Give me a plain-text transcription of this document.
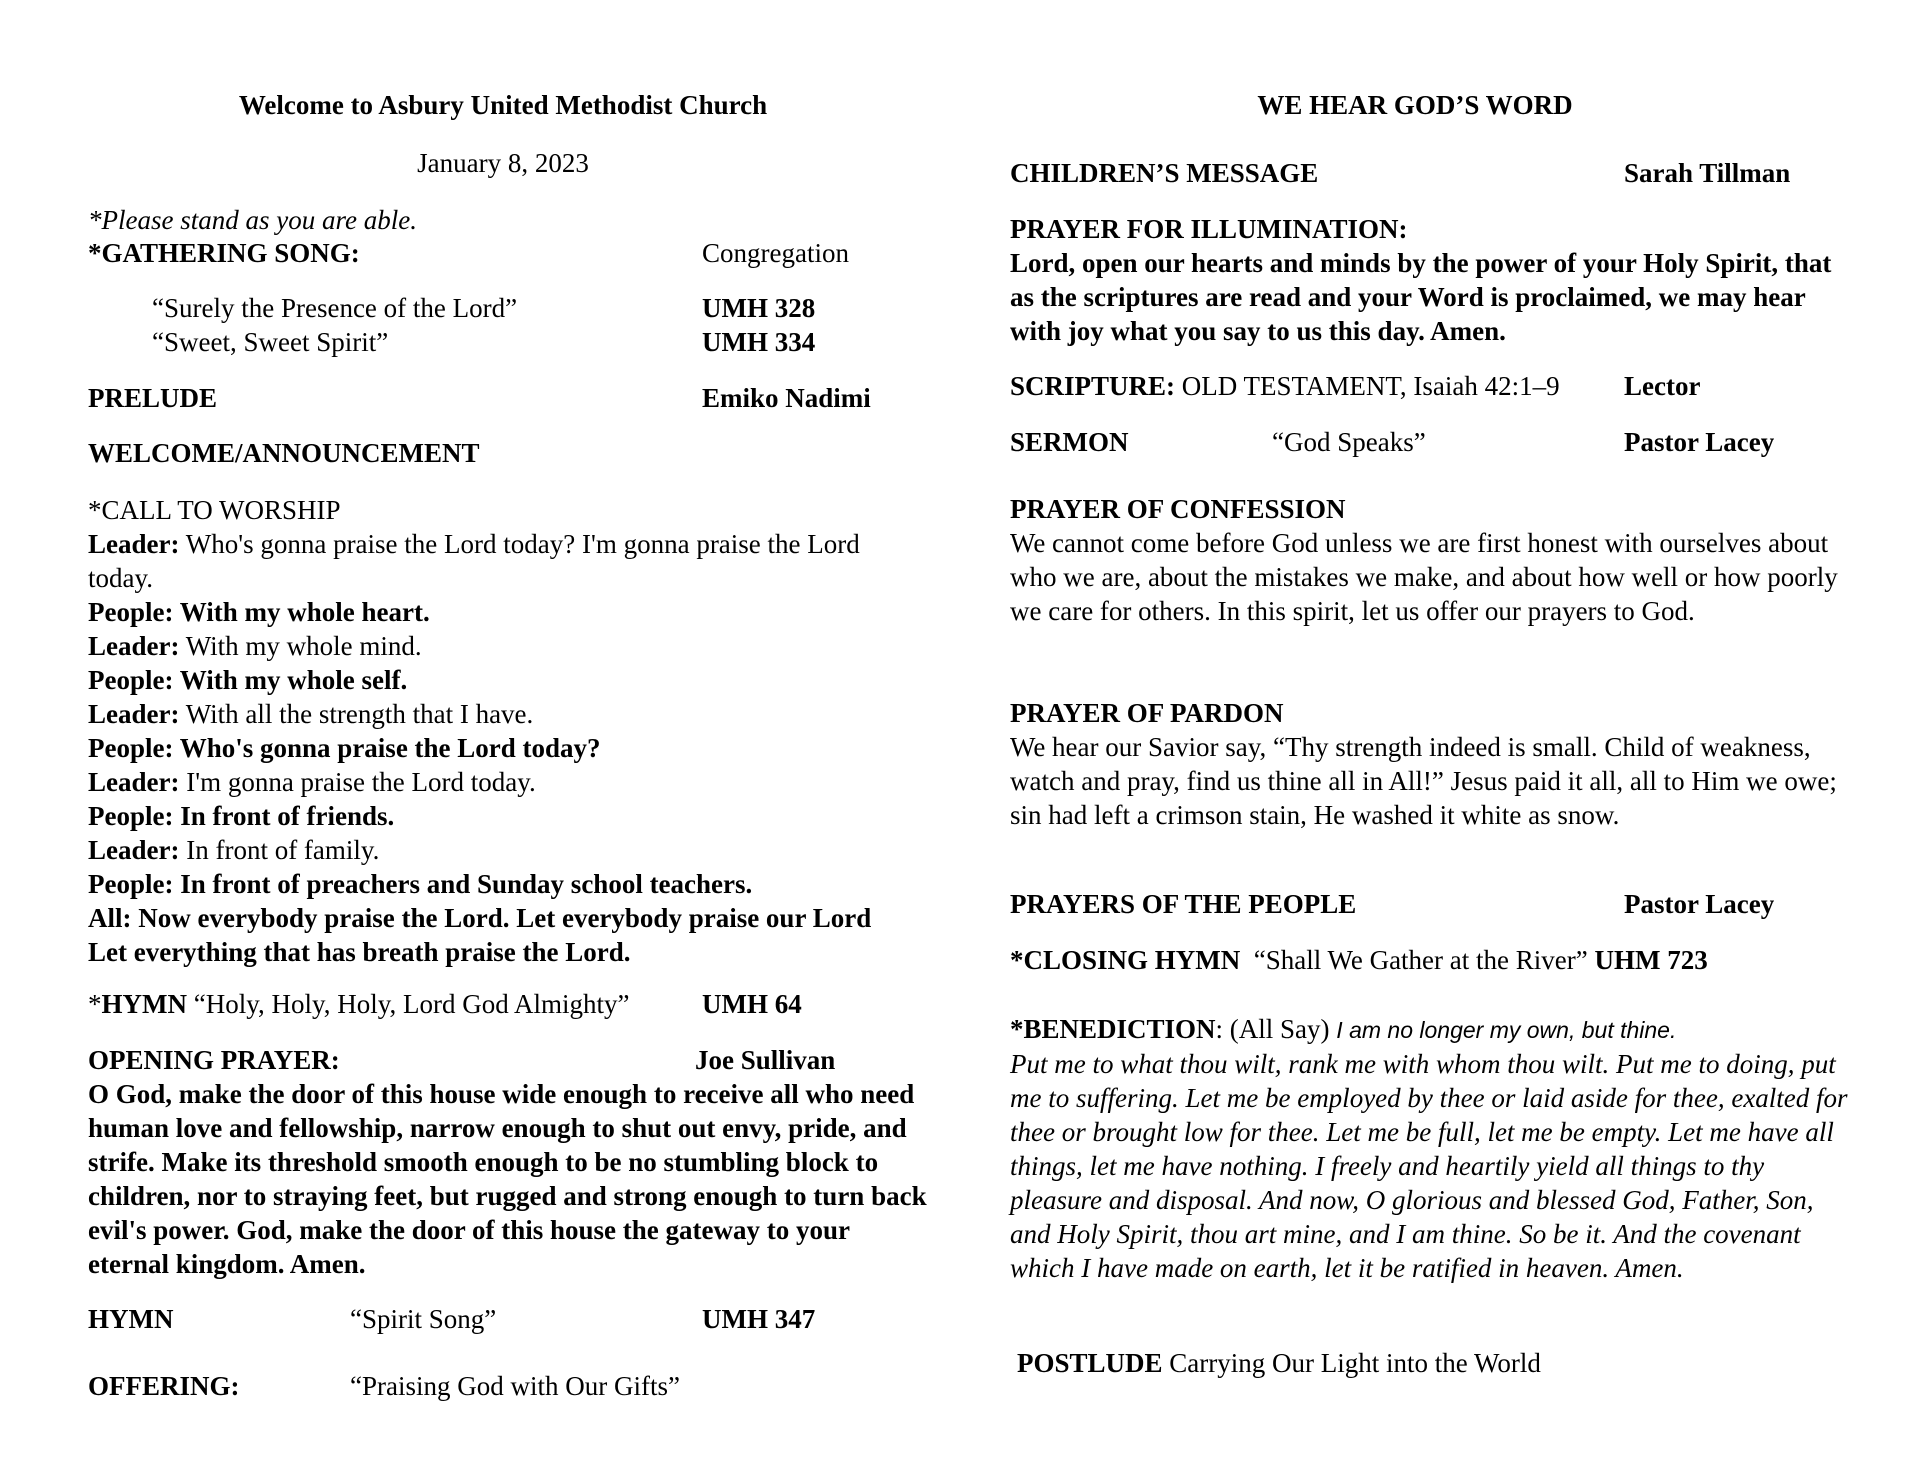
Welcome to Asbury United Methodist Church
January 8, 2023
*Please stand as you are able.
*GATHERING SONG:	Congregation
“Surely the Presence of the Lord”	UMH 328
“Sweet, Sweet Spirit”	UMH 334
PRELUDE	Emiko Nadimi
WELCOME/ANNOUNCEMENT
*CALL TO WORSHIP
Leader: Who's gonna praise the Lord today? I'm gonna praise the Lord today.
People: With my whole heart.
Leader: With my whole mind.
People: With my whole self.
Leader: With all the strength that I have.
People: Who's gonna praise the Lord today?
Leader: I'm gonna praise the Lord today.
People: In front of friends.
Leader: In front of family.
People: In front of preachers and Sunday school teachers.
All: Now everybody praise the Lord. Let everybody praise our Lord Let everything that has breath praise the Lord.
*HYMN “Holy, Holy, Holy, Lord God Almighty”	UMH 64
OPENING PRAYER:	Joe Sullivan
O God, make the door of this house wide enough to receive all who need human love and fellowship, narrow enough to shut out envy, pride, and strife. Make its threshold smooth enough to be no stumbling block to children, nor to straying feet, but rugged and strong enough to turn back evil's power. God, make the door of this house the gateway to your eternal kingdom. Amen.
HYMN	“Spirit Song”	UMH 347
OFFERING:	“Praising God with Our Gifts”
WE HEAR GOD’S WORD
CHILDREN’S MESSAGE	Sarah Tillman
PRAYER FOR ILLUMINATION:
Lord, open our hearts and minds by the power of your Holy Spirit, that as the scriptures are read and your Word is proclaimed, we may hear with joy what you say to us this day. Amen.
SCRIPTURE: OLD TESTAMENT, Isaiah 42:1–9 Lector
SERMON	“God Speaks”	Pastor Lacey
PRAYER OF CONFESSION
We cannot come before God unless we are first honest with ourselves about who we are, about the mistakes we make, and about how well or how poorly we care for others. In this spirit, let us offer our prayers to God.
PRAYER OF PARDON
We hear our Savior say, “Thy strength indeed is small. Child of weakness, watch and pray, find us thine all in All!” Jesus paid it all, all to Him we owe; sin had left a crimson stain, He washed it white as snow.
PRAYERS OF THE PEOPLE	Pastor Lacey
*CLOSING HYMN “Shall We Gather at the River” UHM 723
*BENEDICTION: (All Say) I am no longer my own, but thine.
Put me to what thou wilt, rank me with whom thou wilt. Put me to doing, put me to suffering. Let me be employed by thee or laid aside for thee, exalted for thee or brought low for thee. Let me be full, let me be empty. Let me have all things, let me have nothing. I freely and heartily yield all things to thy pleasure and disposal. And now, O glorious and blessed God, Father, Son, and Holy Spirit, thou art mine, and I am thine. So be it. And the covenant which I have made on earth, let it be ratified in heaven. Amen.
POSTLUDE Carrying Our Light into the World
